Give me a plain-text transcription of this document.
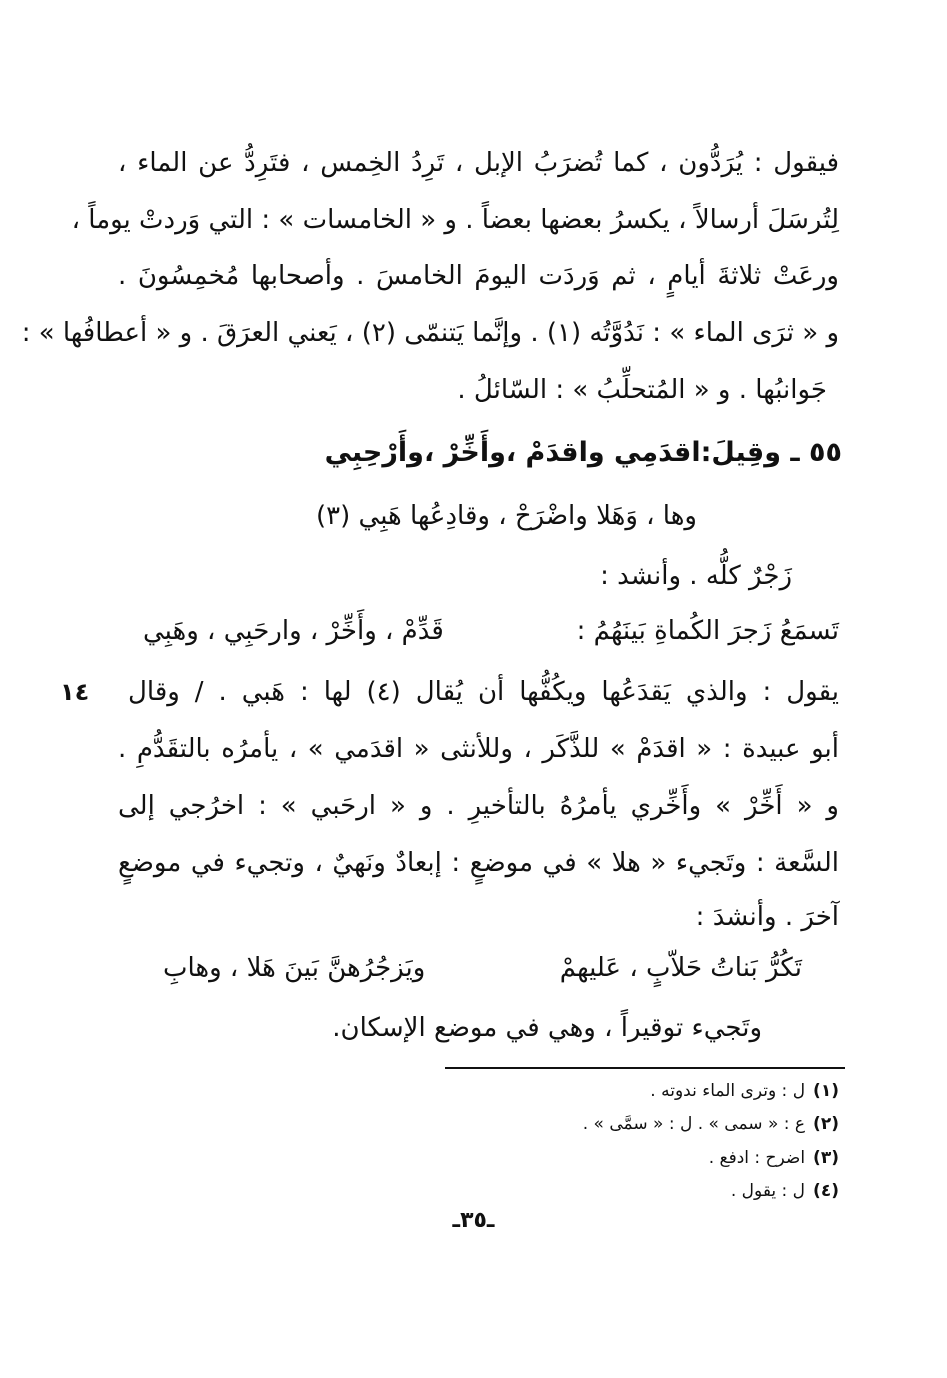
فيقول : يُرَدُّون ، كما تُضرَبُ الإبل ، تَرِدُ الخِمس ، فتَرِدُّ عن الماء ،
لِتُرسَلَ أرسالاً ، يكسرُ بعضها بعضاً . و « الخامسات » : التي وَردتْ يوماً ،
ورعَتْ ثلاثةَ أيامٍ ، ثم وَردَت اليومَ الخامسَ . وأصحابها مُخمِسُونَ .
و « ثرَى الماء » : نَدُوَّتُه (١) . وإنَّما يَتنمّى (٢) ، يَعني العرَقَ . و « أعطافُها » :
جَوانبُها . و « المُتحلِّبُ » : السّائلُ .
٥٥ ـ وقِيلَ:اقدَمِي واقدَمْ ،وأَخِّرْ ،وأَرْحِبِي
وها ، وَهَلا واضْرَحْ ، وقادِعُها هَبِي (٣)
زَجْرٌ كلُّه . وأنشد :
تَسمَعُ زَجرَ الكُماةِ بَينَهُمُ :
قَدِّمْ ، وأَخِّرْ ، وارحَبِي ، وهَبِي
يقول : والذي يَقدَعُها ويكُفُّها أن يُقال (٤) لها : هَبي . / وقال
١٤
أبو عبيدة : « اقدَمْ » للذَّكَر ، وللأنثى « اقدَمي » ، يأمرُه بالتقَدُّمِ .
و « أَخِّرْ » وأَخِّري يأمرُهُ بالتأخيرِ . و « ارحَبي » : اخرُجي إلى
السَّعة : وتَجيء « هلا » في موضعٍ : إبعادٌ ونَهيٌ ، وتجيء في موضعٍ
آخرَ . وأنشدَ :
تَكُرُّ بَناتُ حَلاّبٍ ، عَليهمْ
ويَزجُرُهنَّ بَينَ هَلا ، وهابِ
وتَجيء توقيراً ، وهي في موضع الإسكان.
(١)ل : وترى الماء ندوته .
(٢)ع : « سمى » . ل : « سمَّى » .
(٣)اضرح : ادفع .
(٤)ل : يقول .
ـ٣٥ـ
